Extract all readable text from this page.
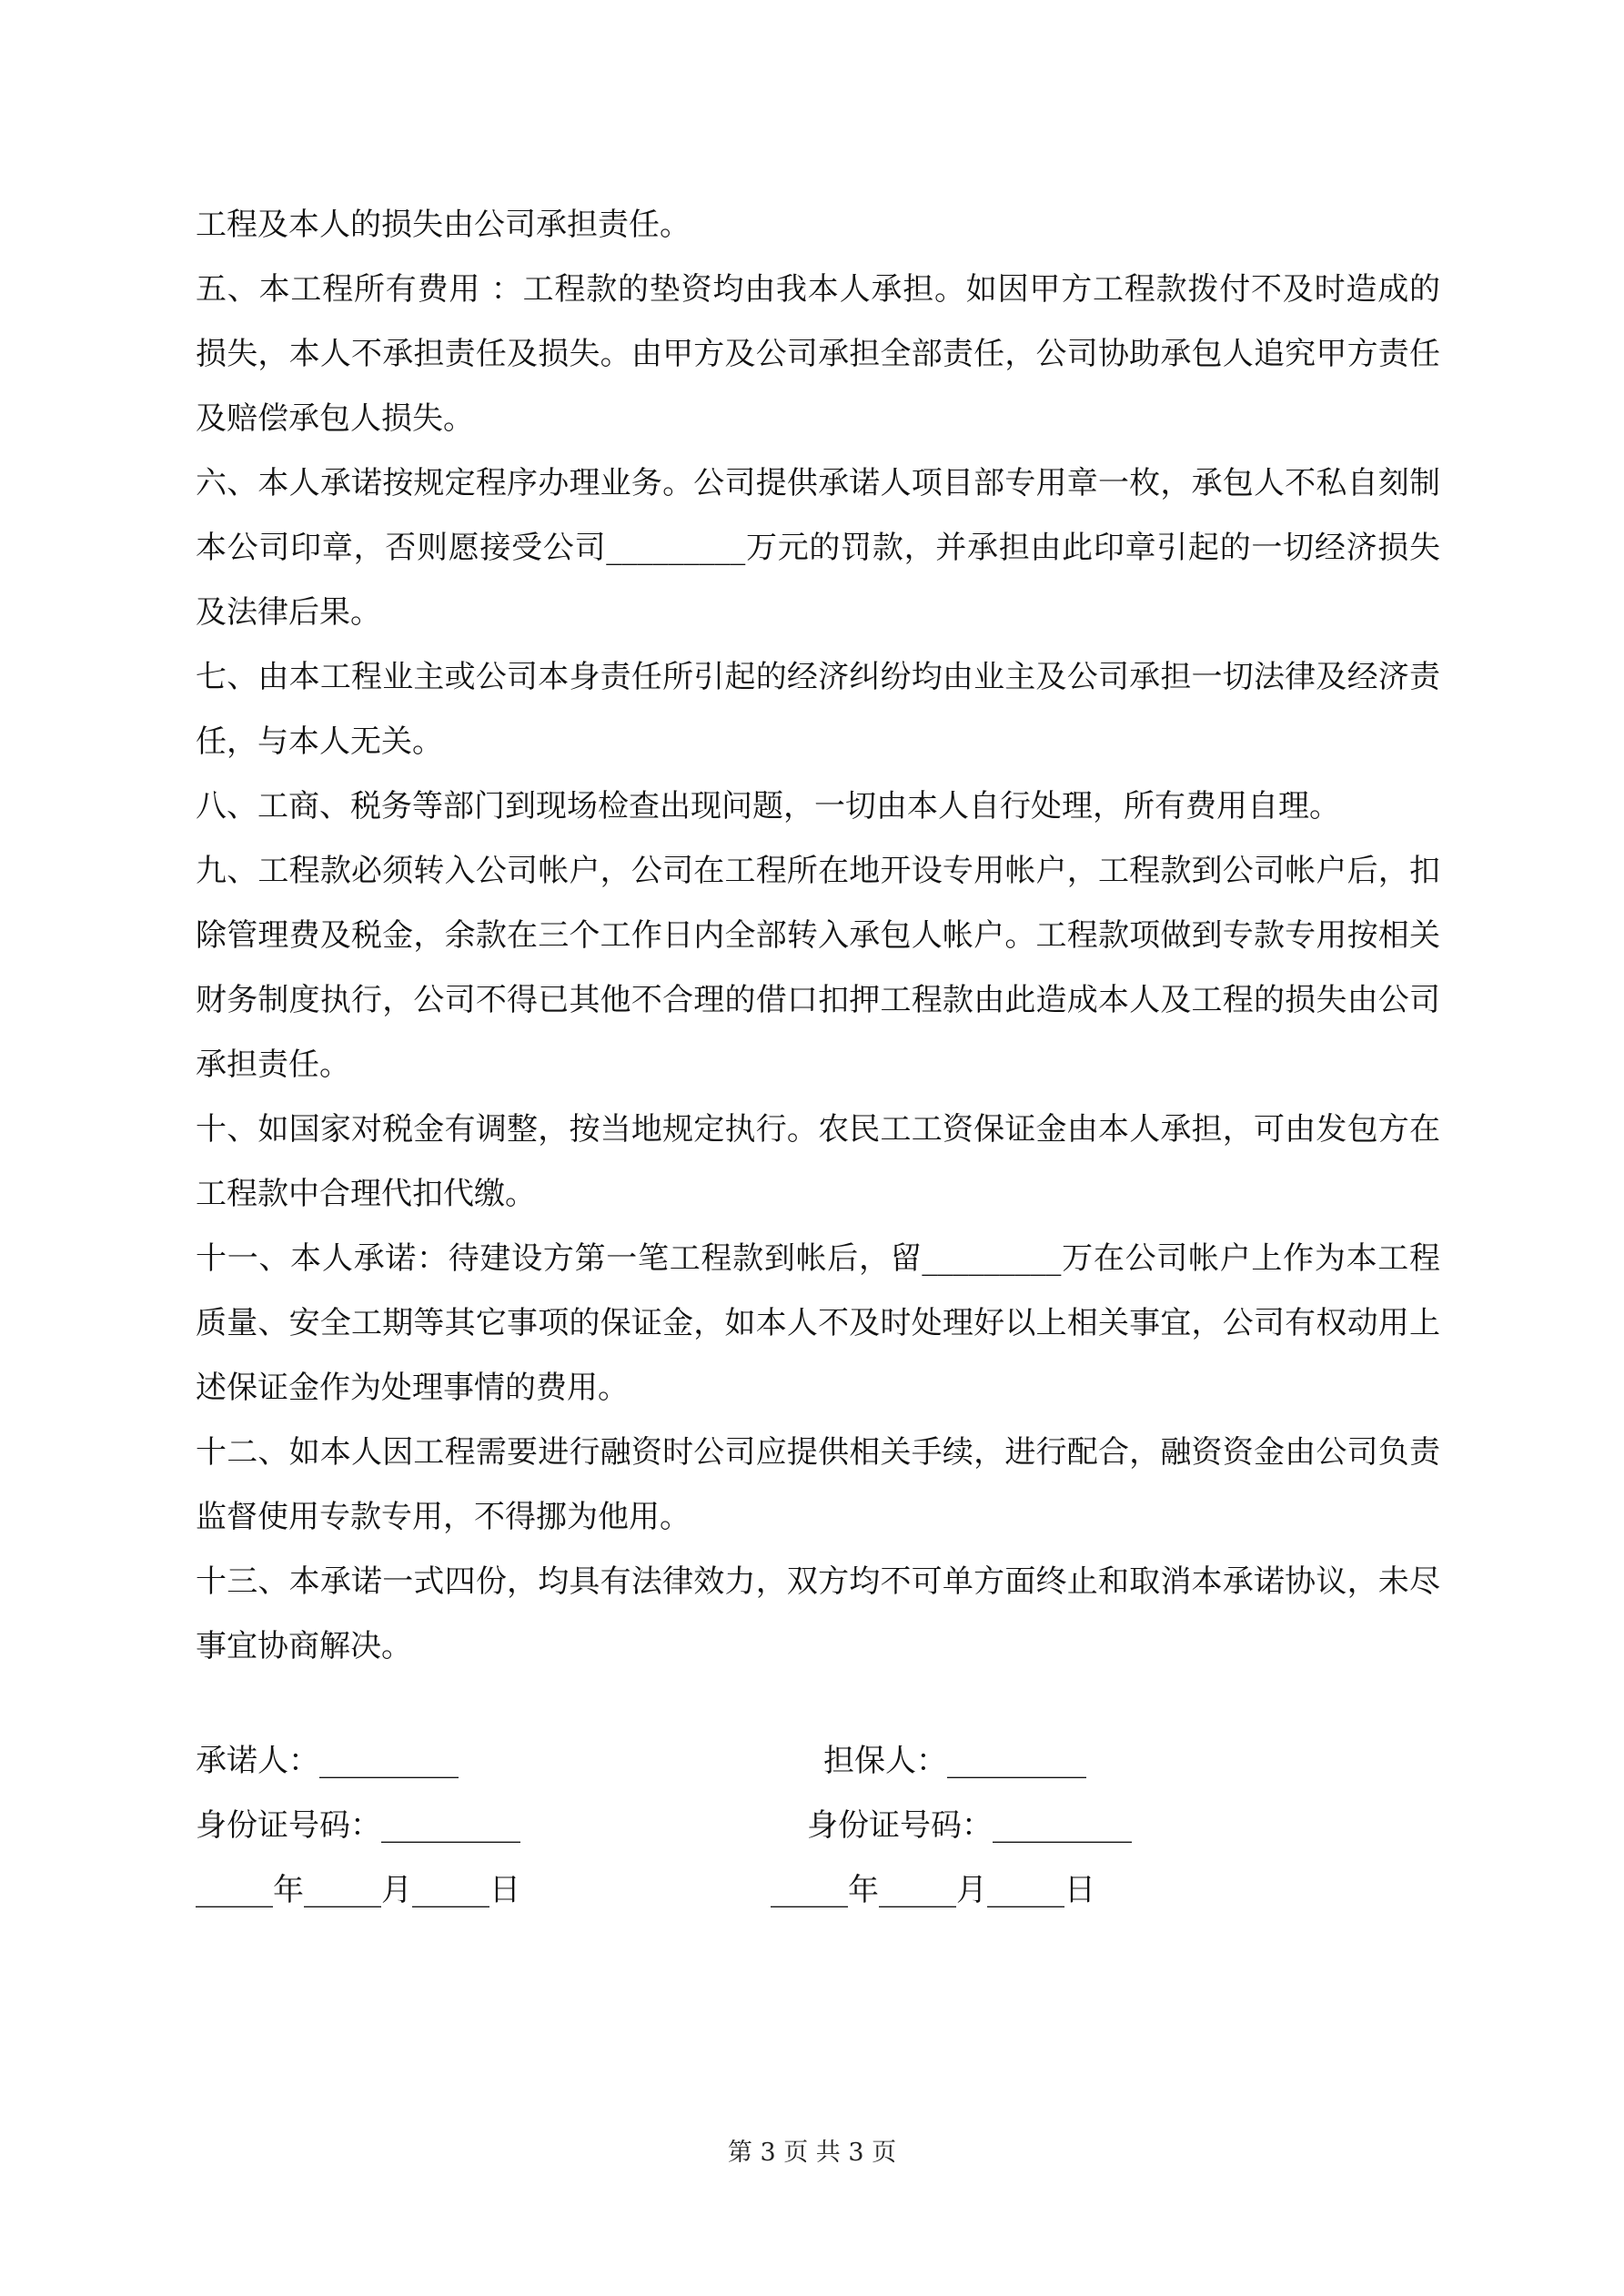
工程及本人的损失由公司承担责任。

五、本工程所有费用 ：工程款的垫资均由我本人承担。如因甲方工程款拨付不及时造成的损失，本人不承担责任及损失。由甲方及公司承担全部责任，公司协助承包人追究甲方责任及赔偿承包人损失。

六、本人承诺按规定程序办理业务。公司提供承诺人项目部专用章一枚，承包人不私自刻制本公司印章，否则愿接受公司_________万元的罚款，并承担由此印章引起的一切经济损失及法律后果。

七、由本工程业主或公司本身责任所引起的经济纠纷均由业主及公司承担一切法律及经济责任，与本人无关。

八、工商、税务等部门到现场检查出现问题，一切由本人自行处理，所有费用自理。

九、工程款必须转入公司帐户，公司在工程所在地开设专用帐户，工程款到公司帐户后，扣除管理费及税金，余款在三个工作日内全部转入承包人帐户。工程款项做到专款专用按相关财务制度执行，公司不得已其他不合理的借口扣押工程款由此造成本人及工程的损失由公司承担责任。

十、如国家对税金有调整，按当地规定执行。农民工工资保证金由本人承担，可由发包方在工程款中合理代扣代缴。

十一、本人承诺：待建设方第一笔工程款到帐后，留_________万在公司帐户上作为本工程质量、安全工期等其它事项的保证金，如本人不及时处理好以上相关事宜，公司有权动用上述保证金作为处理事情的费用。

十二、如本人因工程需要进行融资时公司应提供相关手续，进行配合，融资资金由公司负责监督使用专款专用，不得挪为他用。

十三、本承诺一式四份，均具有法律效力，双方均不可单方面终止和取消本承诺协议，未尽事宜协商解决。

承诺人：_________	担保人：_________
身份证号码：_________	身份证号码：_________
_____年_____月_____日	_____年_____月_____日
第 3 页 共 3 页
